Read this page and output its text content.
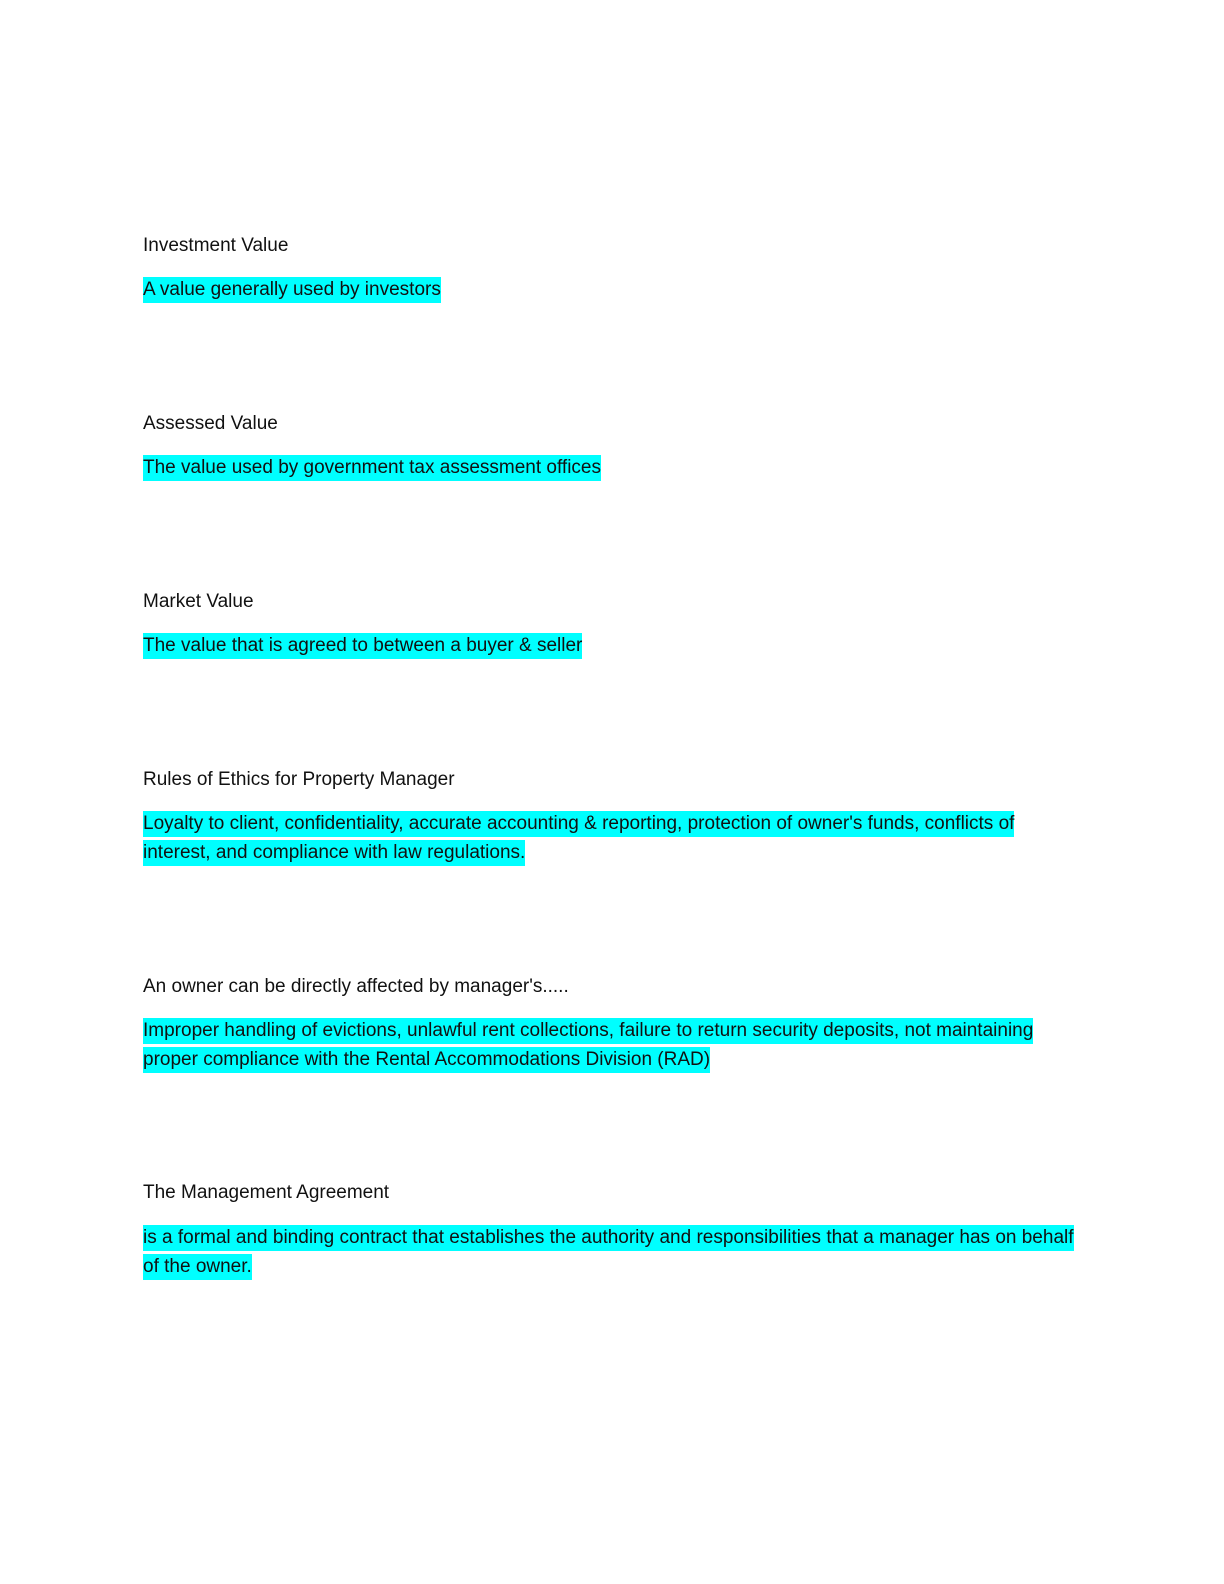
Investment Value

A value generally used by investors

Assessed Value

The value used by government tax assessment offices

Market Value

The value that is agreed to between a buyer & seller

Rules of Ethics for Property Manager

Loyalty to client, confidentiality, accurate accounting & reporting, protection of owner's funds, conflicts of interest, and compliance with law regulations.

An owner can be directly affected by manager's.....

Improper handling of evictions, unlawful rent collections, failure to return security deposits, not maintaining proper compliance with the Rental Accommodations Division (RAD)

The Management Agreement

is a formal and binding contract that establishes the authority and responsibilities that a manager has on behalf of the owner.
